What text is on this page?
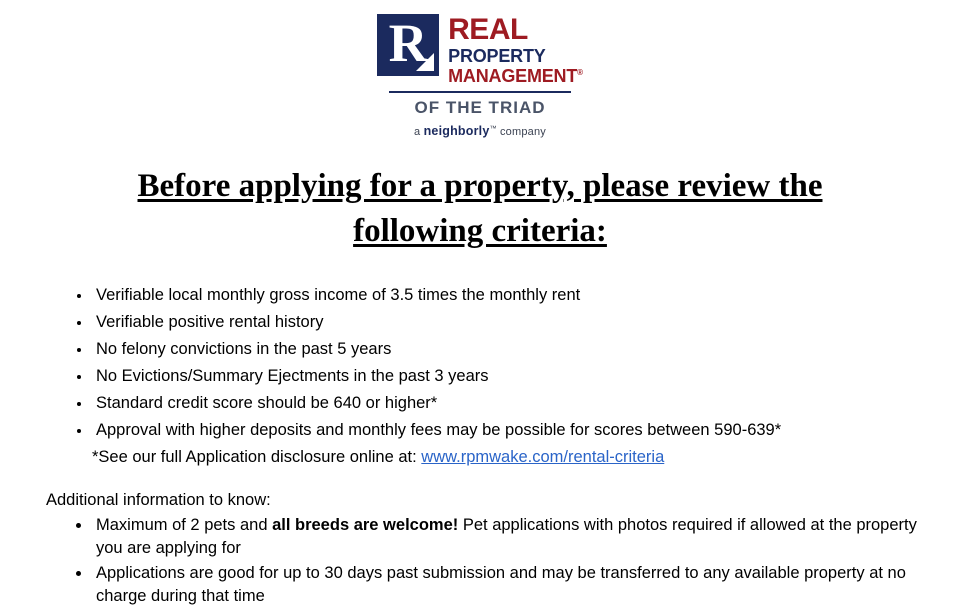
R REAL
PROPERTY
MANAGEMENT®
OF THE TRIAD
a neighborly™ company
Before applying for a property, please review the
following criteria:
• Verifiable local monthly gross income of 3.5 times the monthly rent
• Verifiable positive rental history
• No felony convictions in the past 5 years
• No Evictions/Summary Ejectments in the past 3 years
• Standard credit score should be 640 or higher*
• Approval with higher deposits and monthly fees may be possible for scores between 590-639*
*See our full Application disclosure online at: www.rpmwake.com/rental-criteria
Additional information to know:
• Maximum of 2 pets and all breeds are welcome! Pet applications with photos required if allowed at the property you are applying for
• Applications are good for up to 30 days past submission and may be transferred to any available property at no charge during that time
